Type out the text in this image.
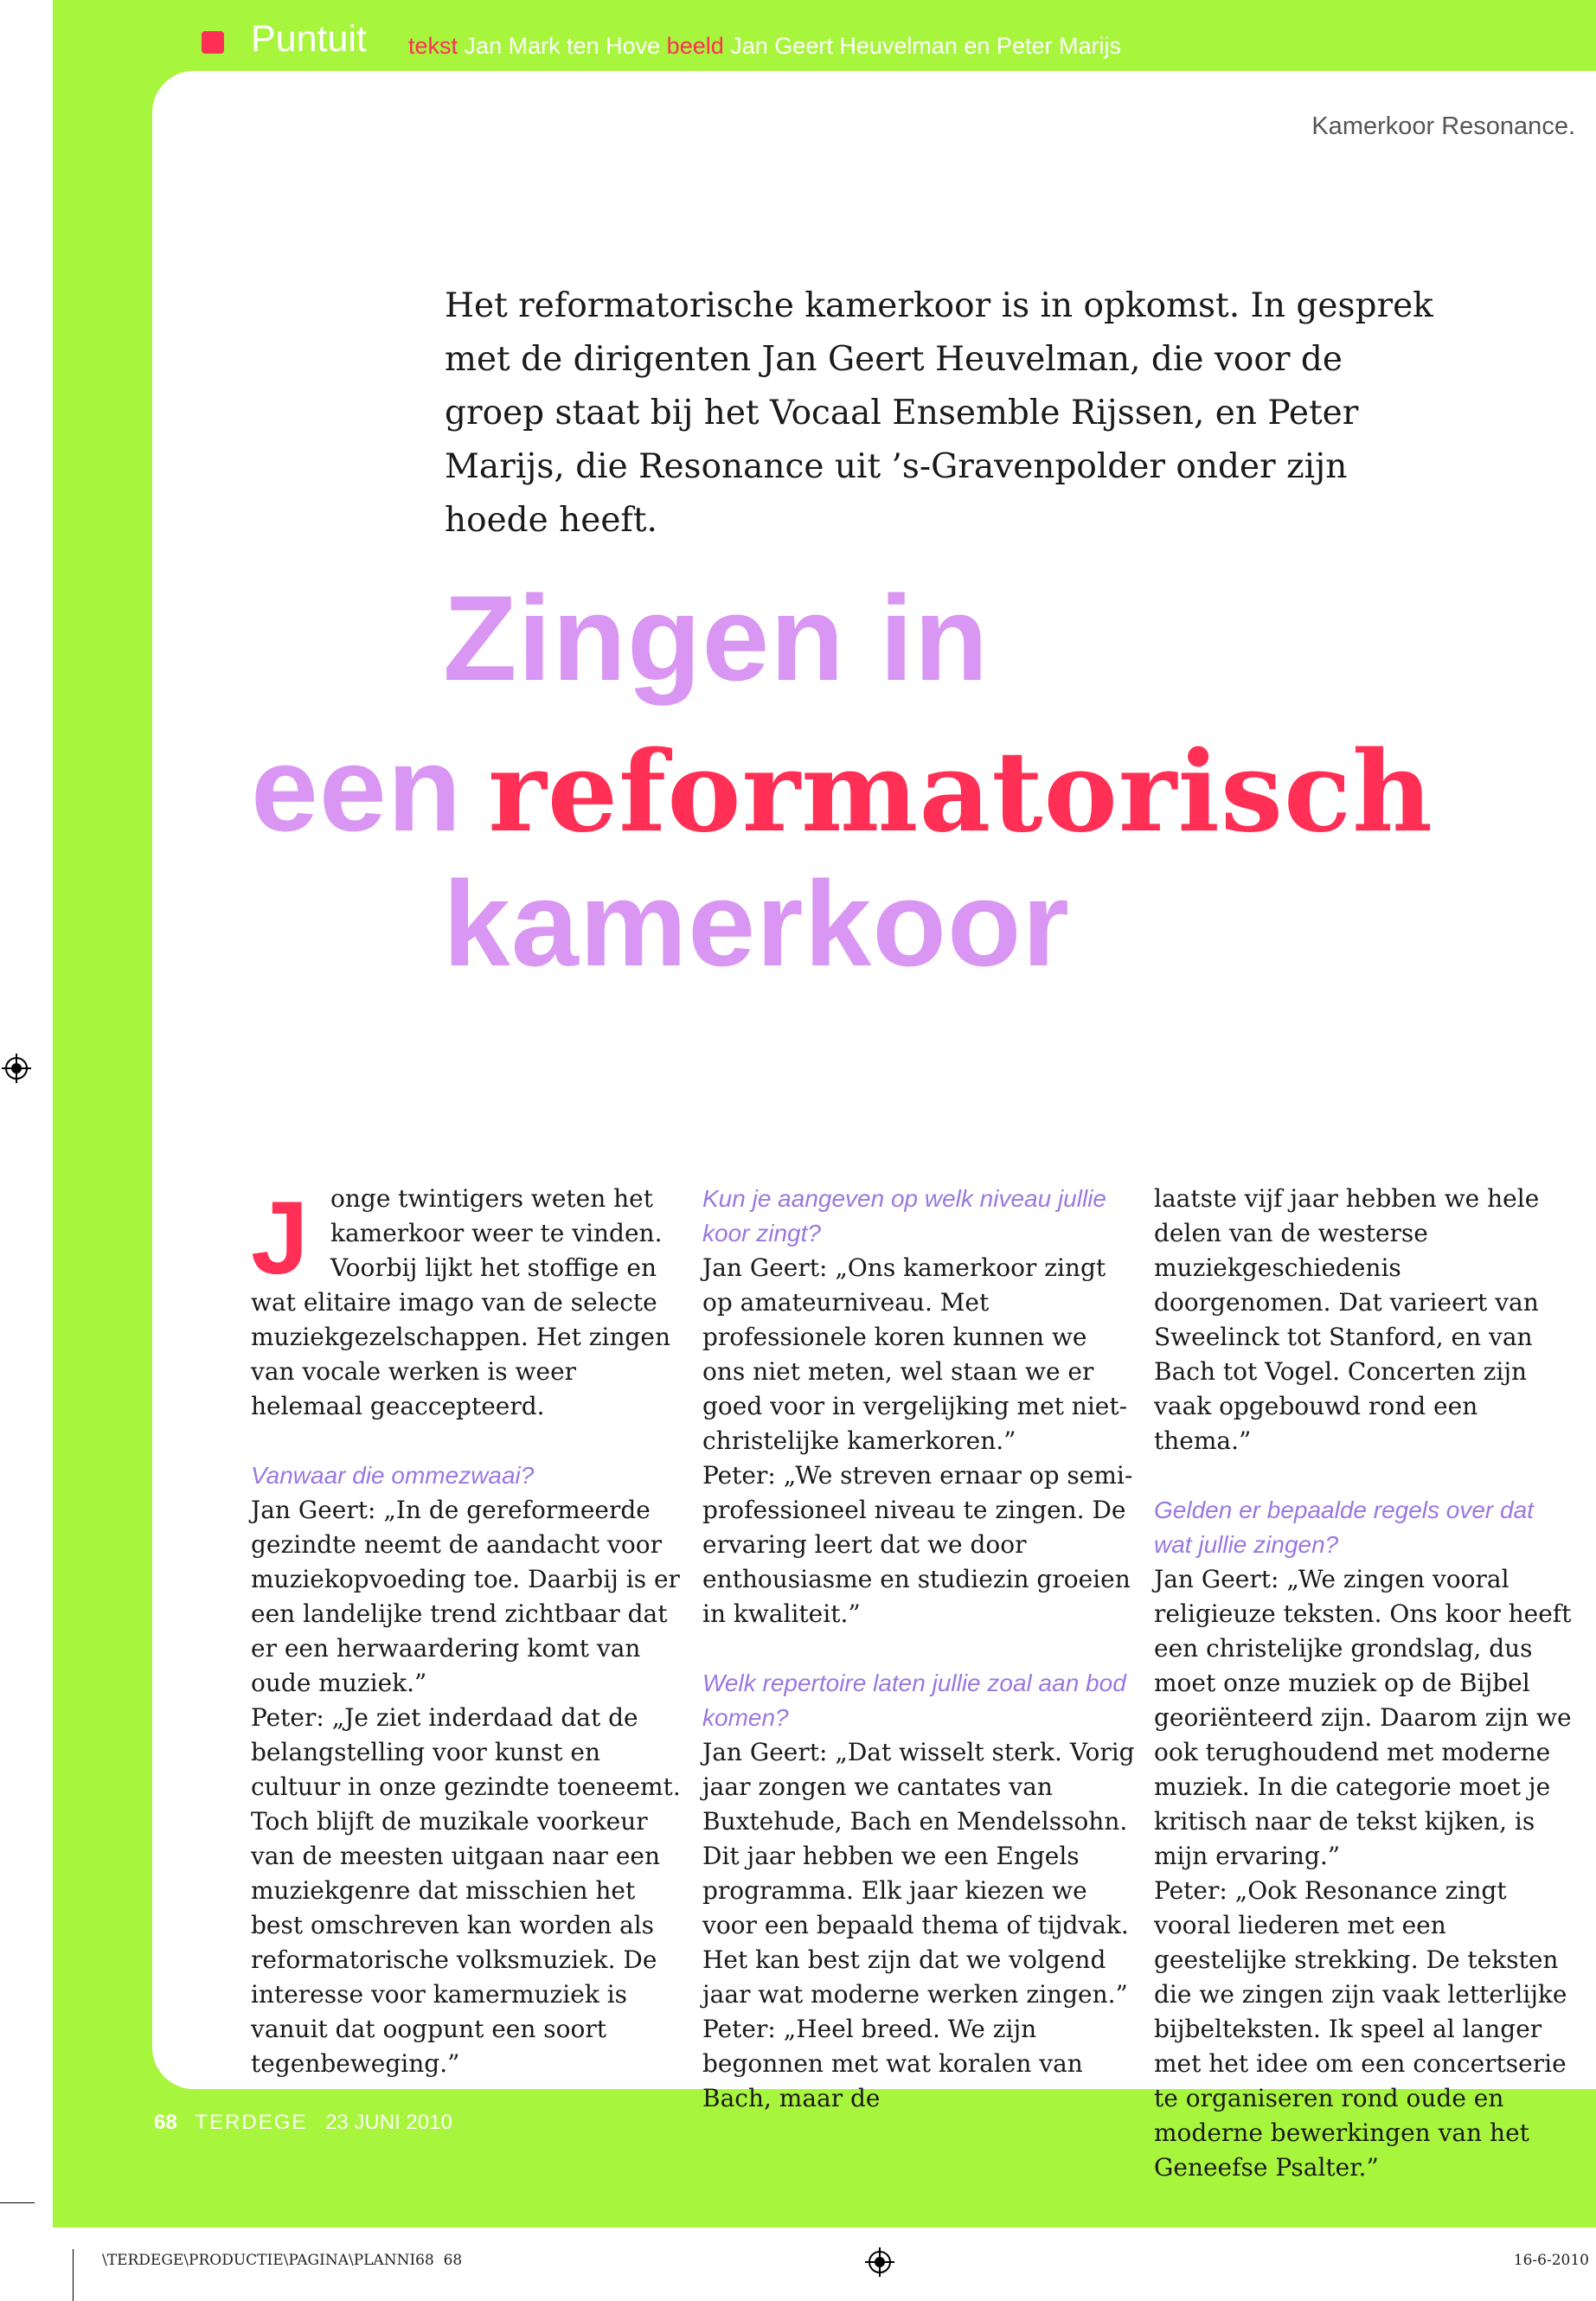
Puntuit tekst Jan Mark ten Hove beeld Jan Geert Heuvelman en Peter Marijs
Kamerkoor Resonance.
Het reformatorische kamerkoor is in opkomst. In gesprek met de dirigenten Jan Geert Heuvelman, die voor de groep staat bij het Vocaal Ensemble Rijssen, en Peter Marijs, die Resonance uit ’s-Gravenpolder onder zijn hoede heeft.
Zingen in
een reformatorisch
kamerkoor
J onge twintigers weten het

kamerkoor weer te vinden.

Voorbij lijkt het stoffige en

wat elitaire imago van de selecte muziekgezelschappen. Het zingen van vocale werken is weer helemaal geaccepteerd.

Vanwaar die ommezwaai?

Jan Geert: „In de gereformeerde gezindte neemt de aandacht voor muziekopvoeding toe. Daarbij is er een landelijke trend zichtbaar dat er een herwaardering komt van oude muziek.”

Peter: „Je ziet inderdaad dat de belangstelling voor kunst en cultuur in onze gezindte toeneemt. Toch blijft de muzikale voorkeur van de meesten uitgaan naar een muziekgenre dat misschien het best omschreven kan worden als reformatorische volksmuziek. De interesse voor kamermuziek is vanuit dat oogpunt een soort tegenbeweging.”

Kun je aangeven op welk niveau jullie koor zingt?

Jan Geert: „Ons kamerkoor zingt op amateurniveau. Met professionele koren kunnen we ons niet meten, wel staan we er goed voor in vergelijking met niet-christelijke kamerkoren.”

Peter: „We streven ernaar op semi-professioneel niveau te zingen. De ervaring leert dat we door enthousiasme en studiezin groeien in kwaliteit.”

Welk repertoire laten jullie zoal aan bod komen?

Jan Geert: „Dat wisselt sterk. Vorig jaar zongen we cantates van Buxtehude, Bach en Mendelssohn. Dit jaar hebben we een Engels programma. Elk jaar kiezen we voor een bepaald thema of tijdvak. Het kan best zijn dat we volgend jaar wat moderne werken zingen.”

Peter: „Heel breed. We zijn begonnen met wat koralen van Bach, maar de

laatste vijf jaar hebben we hele delen van de westerse muziekgeschiedenis doorgenomen. Dat varieert van Sweelinck tot Stanford, en van Bach tot Vogel. Concerten zijn vaak opgebouwd rond een thema.”

Gelden er bepaalde regels over dat wat jullie zingen?

Jan Geert: „We zingen vooral religieuze teksten. Ons koor heeft een christelijke grondslag, dus moet onze muziek op de Bijbel georiënteerd zijn. Daarom zijn we ook terughoudend met moderne muziek. In die categorie moet je kritisch naar de tekst kijken, is mijn ervaring.”

Peter: „Ook Resonance zingt vooral liederen met een geestelijke strekking. De teksten die we zingen zijn vaak letterlijke bijbelteksten. Ik speel al langer met het idee om een concertserie te organiseren rond oude en moderne bewerkingen van het Geneefse Psalter.”

68 TERDEGE 23 JUNI 2010
\TERDEGE\PRODUCTIE\PAGINA\PLANNI68 68	16-6-2010
